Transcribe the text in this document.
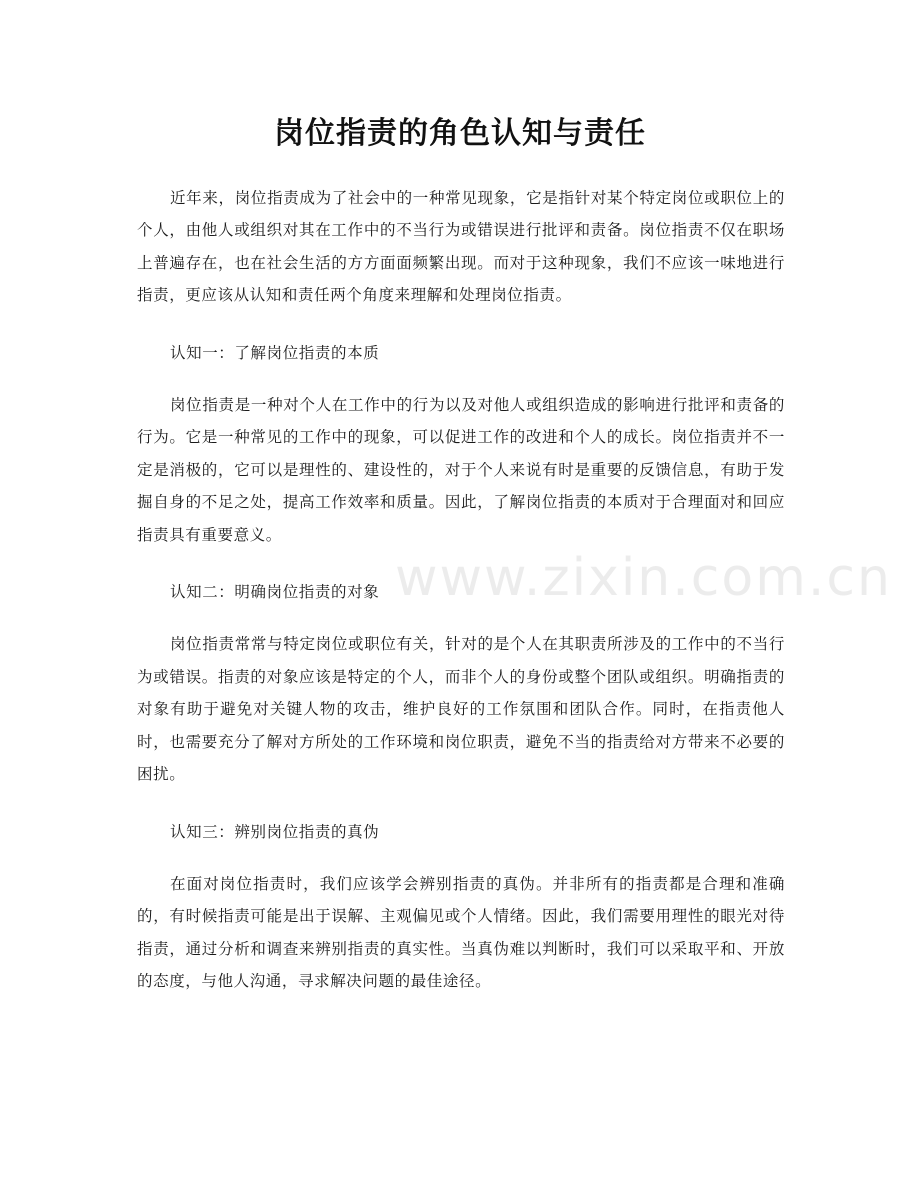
www.zixin.com.cn
岗位指责的角色认知与责任

近年来，岗位指责成为了社会中的一种常见现象，它是指针对某个特定岗位或职位上的个人，由他人或组织对其在工作中的不当行为或错误进行批评和责备。岗位指责不仅在职场上普遍存在，也在社会生活的方方面面频繁出现。而对于这种现象，我们不应该一味地进行指责，更应该从认知和责任两个角度来理解和处理岗位指责。

认知一：了解岗位指责的本质

岗位指责是一种对个人在工作中的行为以及对他人或组织造成的影响进行批评和责备的行为。它是一种常见的工作中的现象，可以促进工作的改进和个人的成长。岗位指责并不一定是消极的，它可以是理性的、建设性的，对于个人来说有时是重要的反馈信息，有助于发掘自身的不足之处，提高工作效率和质量。因此，了解岗位指责的本质对于合理面对和回应指责具有重要意义。

认知二：明确岗位指责的对象

岗位指责常常与特定岗位或职位有关，针对的是个人在其职责所涉及的工作中的不当行为或错误。指责的对象应该是特定的个人，而非个人的身份或整个团队或组织。明确指责的对象有助于避免对关键人物的攻击，维护良好的工作氛围和团队合作。同时，在指责他人时，也需要充分了解对方所处的工作环境和岗位职责，避免不当的指责给对方带来不必要的困扰。

认知三：辨别岗位指责的真伪

在面对岗位指责时，我们应该学会辨别指责的真伪。并非所有的指责都是合理和准确的，有时候指责可能是出于误解、主观偏见或个人情绪。因此，我们需要用理性的眼光对待指责，通过分析和调查来辨别指责的真实性。当真伪难以判断时，我们可以采取平和、开放的态度，与他人沟通，寻求解决问题的最佳途径。
